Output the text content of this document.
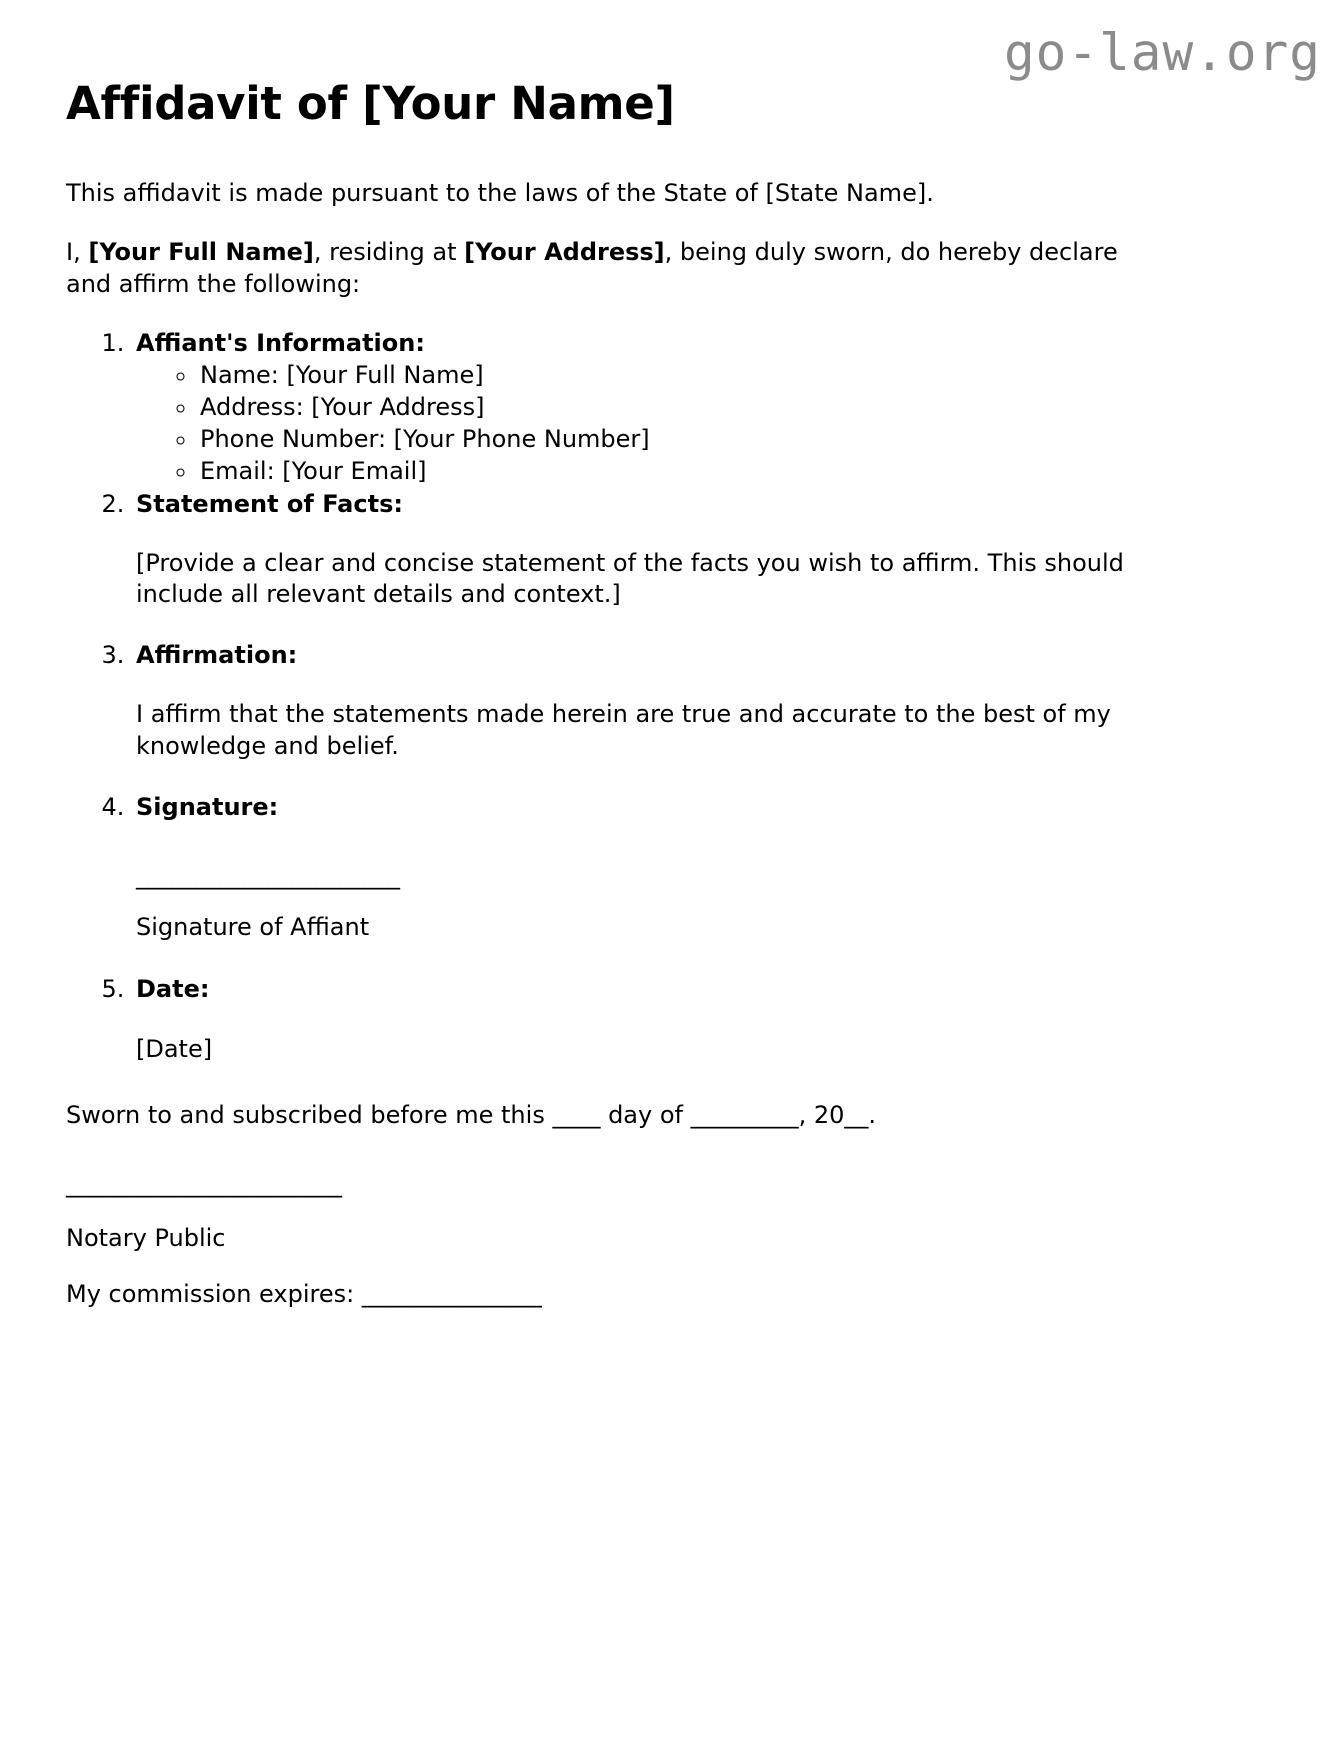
go-law.org
Affidavit of [Your Name]

This affidavit is made pursuant to the laws of the State of [State Name].

I, [Your Full Name], residing at [Your Address], being duly sworn, do hereby declare and affirm the following:

1. Affiant's Information:
◦ Name: [Your Full Name]
◦ Address: [Your Address]
◦ Phone Number: [Your Phone Number]
◦ Email: [Your Email]
2. Statement of Facts:

[Provide a clear and concise statement of the facts you wish to affirm. This should include all relevant details and context.]

3. Affirmation:

I affirm that the statements made herein are true and accurate to the best of my knowledge and belief.

4. Signature:
______________________
Signature of Affiant
5. Date:
[Date]

Sworn to and subscribed before me this ____ day of _________, 20__.

_______________________

Notary Public

My commission expires: _______________
